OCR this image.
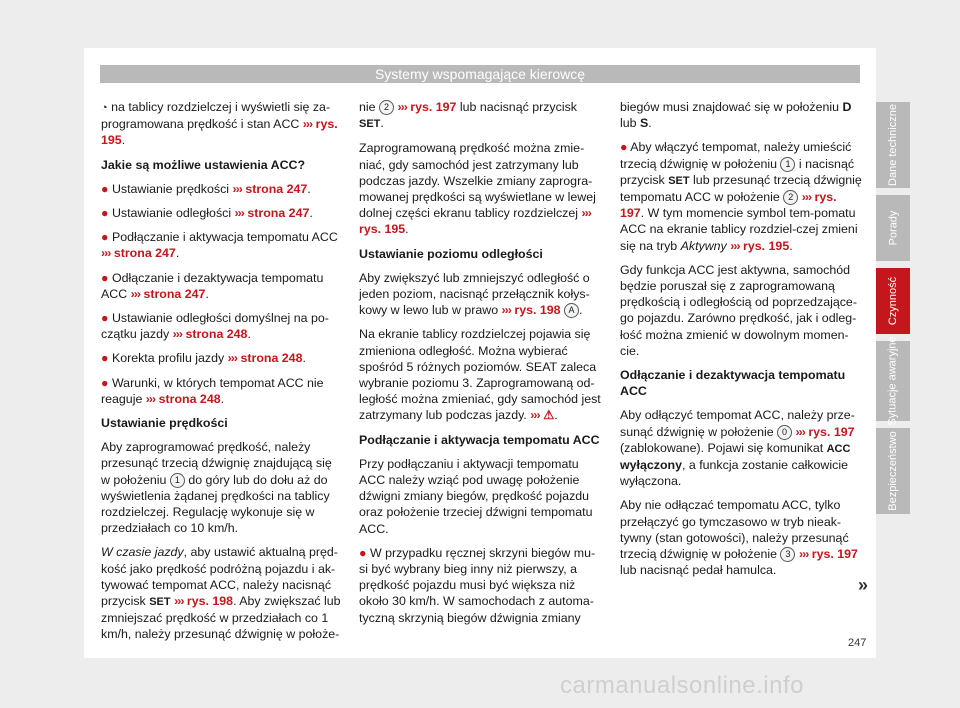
Systemy wspomagające kierowcę

◔ na tablicy rozdzielczej i wyświetli się za-programowana prędkość i stan ACC ››› rys. 195.

Jakie są możliwe ustawienia ACC?

● Ustawianie prędkości ››› strona 247.

● Ustawianie odległości ››› strona 247.

● Podłączanie i aktywacja tempomatu ACC ››› strona 247.

● Odłączanie i dezaktywacja tempomatu ACC ››› strona 247.

● Ustawianie odległości domyślnej na po-czątku jazdy ››› strona 248.

● Korekta profilu jazdy ››› strona 248.

● Warunki, w których tempomat ACC nie reaguje ››› strona 248.

Ustawianie prędkości

Aby zaprogramować prędkość, należy przesunąć trzecią dźwignię znajdującą się w położeniu 1 do góry lub do dołu aż do wyświetlenia żądanej prędkości na tablicy rozdzielczej. Regulację wykonuje się w przedziałach co 10 km/h.

W czasie jazdy, aby ustawić aktualną pręd-kość jako prędkość podróżną pojazdu i ak-tywować tempomat ACC, należy nacisnąć przycisk SET ››› rys. 198. Aby zwiększać lub zmniejszać prędkość w przedziałach co 1 km/h, należy przesunąć dźwignię w położe-

nie 2 ››› rys. 197 lub nacisnąć przycisk SET.

Zaprogramowaną prędkość można zmie-niać, gdy samochód jest zatrzymany lub podczas jazdy. Wszelkie zmiany zaprogra-mowanej prędkości są wyświetlane w lewej dolnej części ekranu tablicy rozdzielczej ››› rys. 195.

Ustawianie poziomu odległości

Aby zwiększyć lub zmniejszyć odległość o jeden poziom, nacisnąć przełącznik kołys-kowy w lewo lub w prawo ››› rys. 198 A .

Na ekranie tablicy rozdzielczej pojawia się zmieniona odległość. Można wybierać spośród 5 różnych poziomów. SEAT zaleca wybranie poziomu 3. Zaprogramowaną od-ległość można zmieniać, gdy samochód jest zatrzymany lub podczas jazdy. ››› ⚠.

Podłączanie i aktywacja tempomatu ACC

Przy podłączaniu i aktywacji tempomatu ACC należy wziąć pod uwagę położenie dźwigni zmiany biegów, prędkość pojazdu oraz położenie trzeciej dźwigni tempomatu ACC.

● W przypadku ręcznej skrzyni biegów mu-si być wybrany bieg inny niż pierwszy, a prędkość pojazdu musi być większa niż około 30 km/h. W samochodach z automa-tyczną skrzynią biegów dźwignia zmiany

biegów musi znajdować się w położeniu D lub S.

● Aby włączyć tempomat, należy umieścić trzecią dźwignię w położeniu 1 i nacisnąć przycisk SET lub przesunąć trzecią dźwignię tempomatu ACC w położenie 2 ››› rys. 197. W tym momencie symbol tem-pomatu ACC na ekranie tablicy rozdziel-czej zmieni się na tryb Aktywny ››› rys. 195.

Gdy funkcja ACC jest aktywna, samochód będzie poruszał się z zaprogramowaną prędkością i odległością od poprzedzające-go pojazdu. Zarówno prędkość, jak i odleg-łość można zmienić w dowolnym momen-cie.

Odłączanie i dezaktywacja tempomatu ACC

Aby odłączyć tempomat ACC, należy prze-sunąć dźwignię w położenie 0 ››› rys. 197 (zablokowane). Pojawi się komunikat ACC wyłączony, a funkcja zostanie całkowicie wyłączona.

Aby nie odłączać tempomatu ACC, tylko przełączyć go tymczasowo w tryb nieak-tywny (stan gotowości), należy przesunąć trzecią dźwignię w położenie 3 ››› rys. 197 lub nacisnąć pedał hamulca.

»
Dane techniczne
Porady
Czynność
Sytuacje awaryjne
Bezpieczeństwo
247
carmanualsonline.info
